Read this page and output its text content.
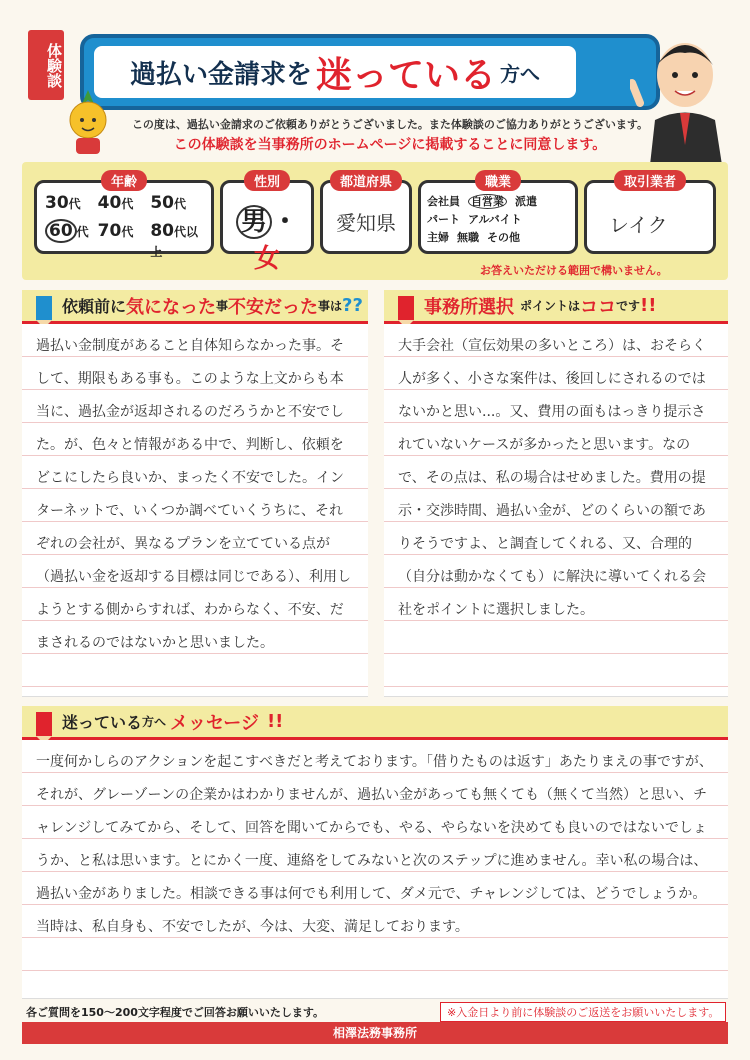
体験談	過払い金請求を 迷っている 方へ
この度は、過払い金請求のご依頼ありがとうございました。また体験談のご協力ありがとうございます。
この体験談を当事務所のホームページに掲載することに同意します。
年齢
30代 40代 50代
60 代 70代 80代以上
性別
男 ・女
都道府県
愛知県
職業
会社員 自営業 派遣
パート アルバイト
主婦 無職 その他
取引業者
レイク
お答えいただける範囲で構いません。
依頼前に 気になった 事 不安だった 事は ??
過払い金制度があること自体知らなかった事。そして、期限もある事も。このような上文からも本当に、過払金が返却されるのだろうかと不安でした。が、色々と情報がある中で、判断し、依頼をどこにしたら良いか、まったく不安でした。インターネットで、いくつか調べていくうちに、それぞれの会社が、異なるプランを立てている点が（過払い金を返却する目標は同じである）、利用しようとする側からすれば、わからなく、不安、だまされるのではないかと思いました。
事務所選択 ポイントは ココ です !!
大手会社（宣伝効果の多いところ）は、おそらく人が多く、小さな案件は、後回しにされるのではないかと思い...。又、費用の面もはっきり提示されていないケースが多かったと思います。なので、その点は、私の場合はせめました。費用の提示・交渉時間、過払い金が、どのくらいの額でありそうですよ、と調査してくれる、又、合理的（自分は動かなくても）に解決に導いてくれる会社をポイントに選択しました。
迷っている 方へ メッセージ !!
一度何かしらのアクションを起こすべきだと考えております。「借りたものは返す」あたりまえの事ですが、それが、グレーゾーンの企業かはわかりませんが、過払い金があっても無くても（無くて当然）と思い、チャレンジしてみてから、そして、回答を聞いてからでも、やる、やらないを決めても良いのではないでしょうか、と私は思います。とにかく一度、連絡をしてみないと次のステップに進めません。幸い私の場合は、過払い金がありました。相談できる事は何でも利用して、ダメ元で、チャレンジしては、どうでしょうか。当時は、私自身も、不安でしたが、今は、大変、満足しております。
各ご質問を150〜200文字程度でご回答お願いいたします。	※入金日より前に体験談のご返送をお願いいたします。
相澤法務事務所
